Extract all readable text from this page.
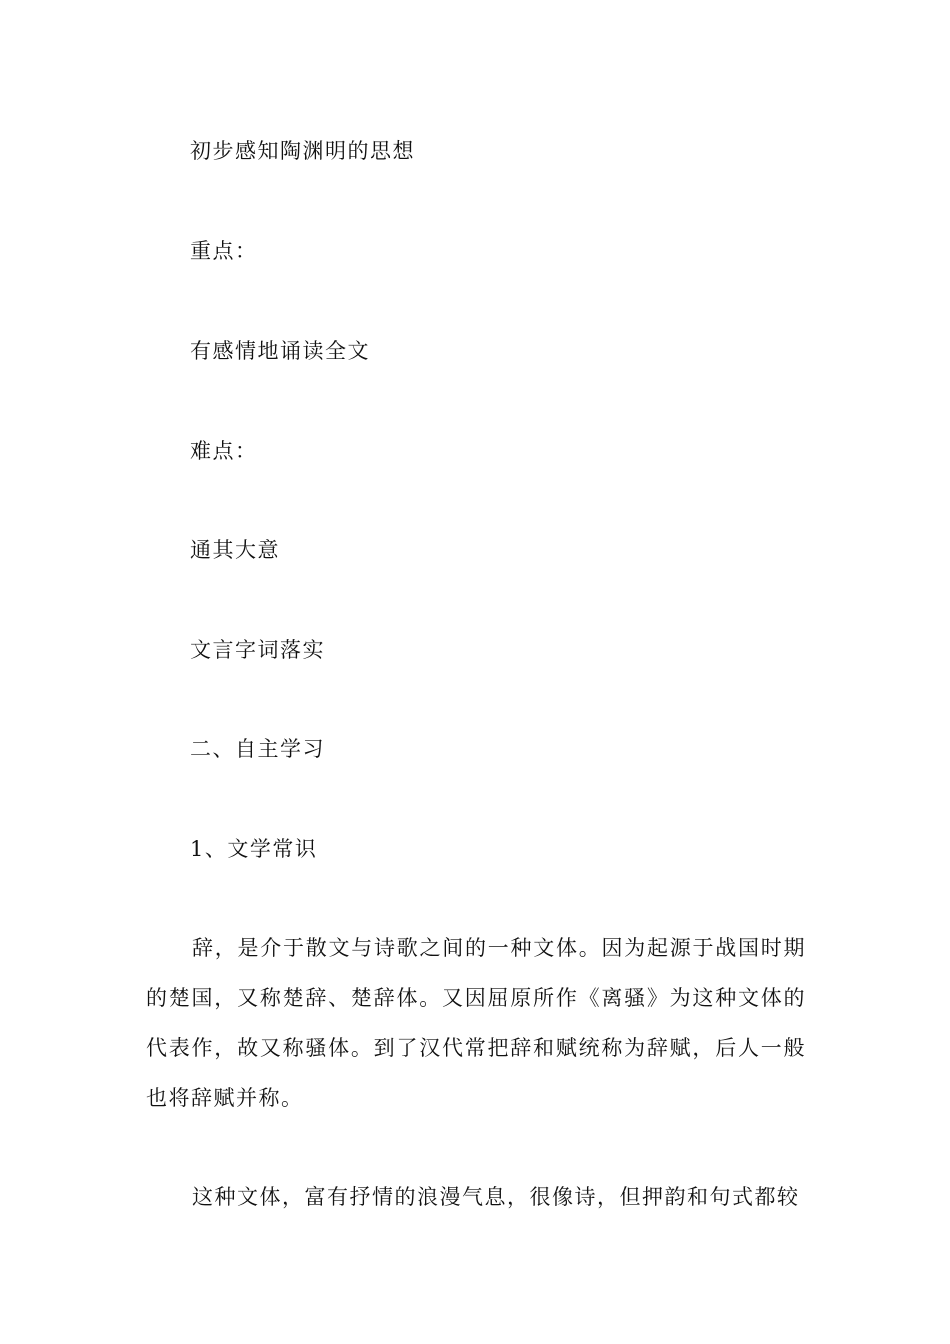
初步感知陶渊明的思想
重点：
有感情地诵读全文
难点：
通其大意
文言字词落实
二、自主学习
1、文学常识

辞，是介于散文与诗歌之间的一种文体。因为起源于战国时期的楚国，又称楚辞、楚辞体。又因屈原所作《离骚》为这种文体的代表作，故又称骚体。到了汉代常把辞和赋统称为辞赋，后人一般也将辞赋并称。

这种文体，富有抒情的浪漫气息，很像诗，但押韵和句式都较
